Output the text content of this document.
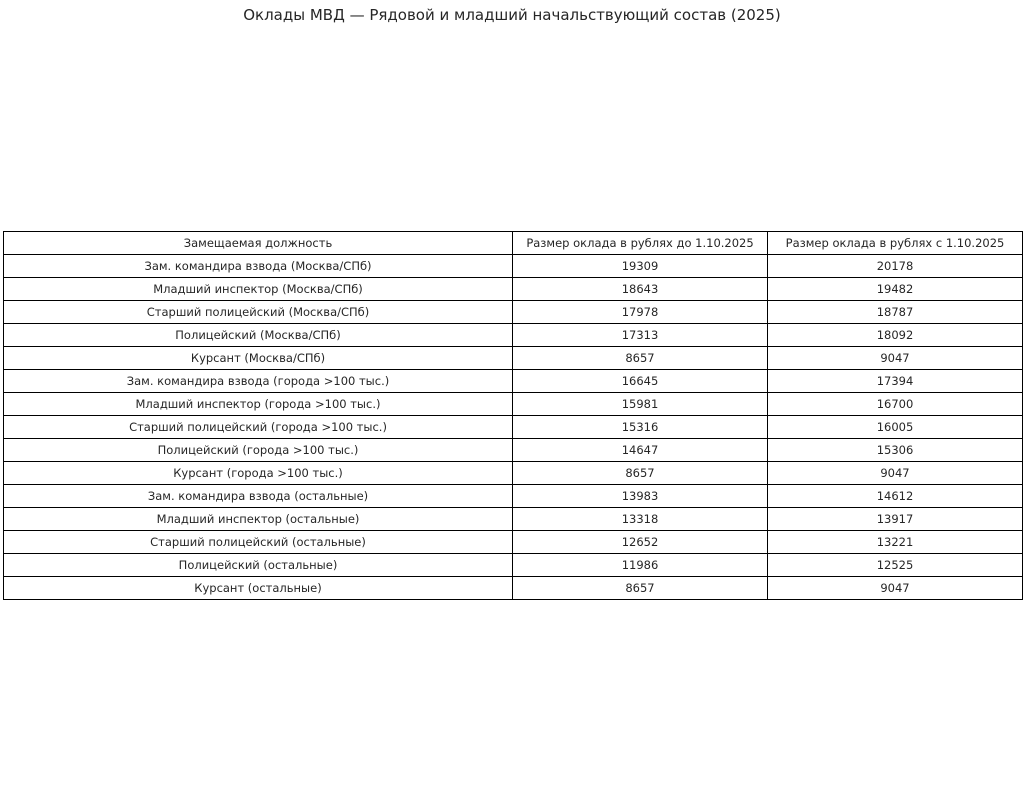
Оклады МВД — Рядовой и младший начальствующий состав (2025)
Замещаемая должность	Размер оклада в рублях до 1.10.2025	Размер оклада в рублях с 1.10.2025
Зам. командира взвода (Москва/СПб)	19309	20178
Младший инспектор (Москва/СПб)	18643	19482
Старший полицейский (Москва/СПб)	17978	18787
Полицейский (Москва/СПб)	17313	18092
Курсант (Москва/СПб)	8657	9047
Зам. командира взвода (города >100 тыс.)	16645	17394
Младший инспектор (города >100 тыс.)	15981	16700
Старший полицейский (города >100 тыс.)	15316	16005
Полицейский (города >100 тыс.)	14647	15306
Курсант (города >100 тыс.)	8657	9047
Зам. командира взвода (остальные)	13983	14612
Младший инспектор (остальные)	13318	13917
Старший полицейский (остальные)	12652	13221
Полицейский (остальные)	11986	12525
Курсант (остальные)	8657	9047
